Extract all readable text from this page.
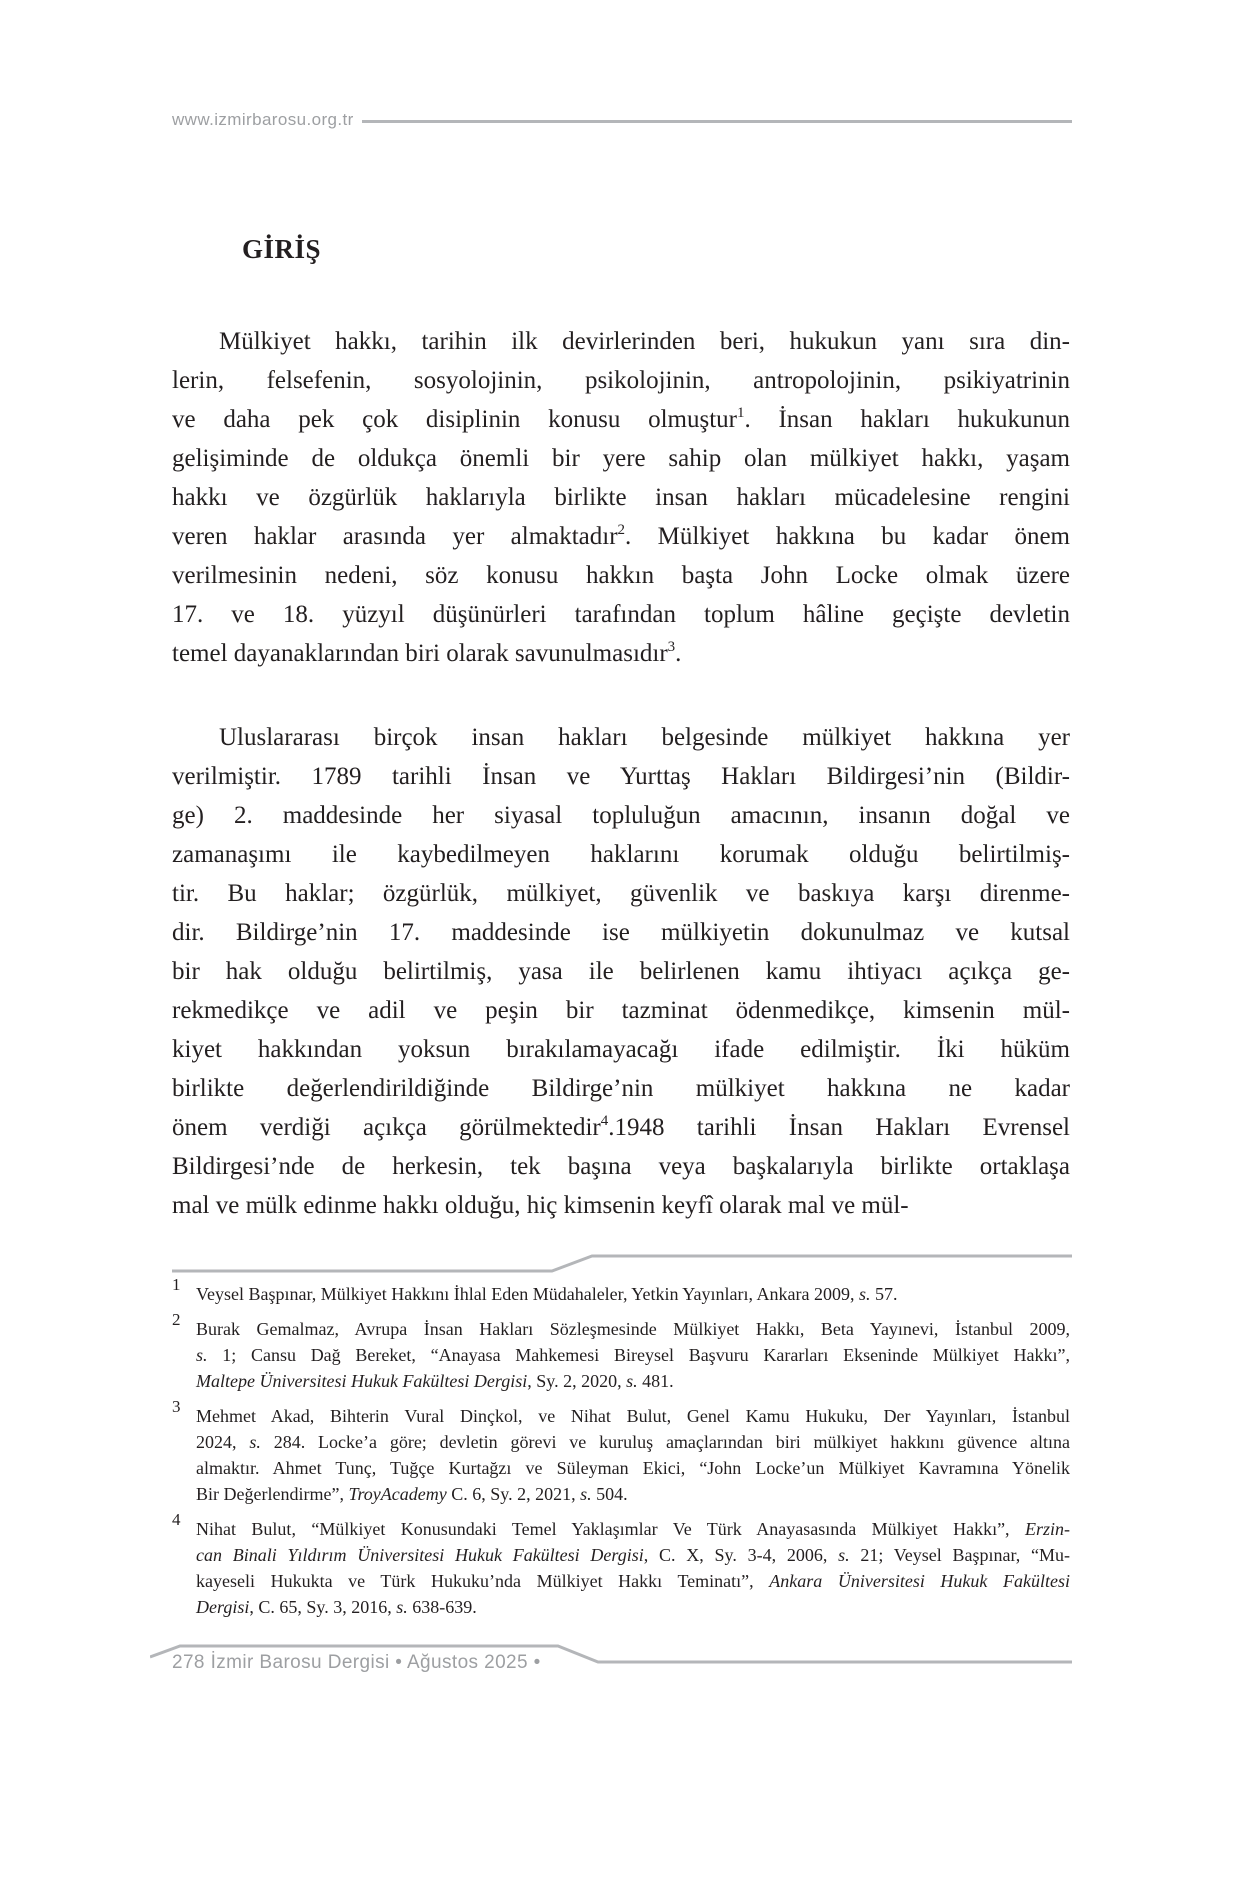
www.izmirbarosu.org.tr
GİRİŞ
Mülkiyet hakkı, tarihin ilk devirlerinden beri, hukukun yanı sıra din-
lerin, felsefenin, sosyolojinin, psikolojinin, antropolojinin, psikiyatrinin
ve daha pek çok disiplinin konusu olmuştur$^1$. İnsan hakları hukukunun
gelişiminde de oldukça önemli bir yere sahip olan mülkiyet hakkı, yaşam
hakkı ve özgürlük haklarıyla birlikte insan hakları mücadelesine rengini
veren haklar arasında yer almaktadır$^2$. Mülkiyet hakkına bu kadar önem
verilmesinin nedeni, söz konusu hakkın başta John Locke olmak üzere
17. ve 18. yüzyıl düşünürleri tarafından toplum hâline geçişte devletin
temel dayanaklarından biri olarak savunulmasıdır$^3$.
Uluslararası birçok insan hakları belgesinde mülkiyet hakkına yer
verilmiştir. 1789 tarihli İnsan ve Yurttaş Hakları Bildirgesi’nin (Bildir-
ge) 2. maddesinde her siyasal topluluğun amacının, insanın doğal ve
zamanaşımı ile kaybedilmeyen haklarını korumak olduğu belirtilmiş-
tir. Bu haklar; özgürlük, mülkiyet, güvenlik ve baskıya karşı direnme-
dir. Bildirge’nin 17. maddesinde ise mülkiyetin dokunulmaz ve kutsal
bir hak olduğu belirtilmiş, yasa ile belirlenen kamu ihtiyacı açıkça ge-
rekmedikçe ve adil ve peşin bir tazminat ödenmedikçe, kimsenin mül-
kiyet hakkından yoksun bırakılamayacağı ifade edilmiştir. İki hüküm
birlikte değerlendirildiğinde Bildirge’nin mülkiyet hakkına ne kadar
önem verdiği açıkça görülmektedir$^4$.1948 tarihli İnsan Hakları Evrensel
Bildirgesi’nde de herkesin, tek başına veya başkalarıyla birlikte ortaklaşa
mal ve mülk edinme hakkı olduğu, hiç kimsenin keyfî olarak mal ve mül-
1 Veysel Başpınar, Mülkiyet Hakkını İhlal Eden Müdahaleler, Yetkin Yayınları, Ankara 2009, s. 57.
2 Burak Gemalmaz, Avrupa İnsan Hakları Sözleşmesinde Mülkiyet Hakkı, Beta Yayınevi, İstanbul 2009,
s. 1; Cansu Dağ Bereket, “Anayasa Mahkemesi Bireysel Başvuru Kararları Ekseninde Mülkiyet Hakkı”,
Maltepe Üniversitesi Hukuk Fakültesi Dergisi, Sy. 2, 2020, s. 481.
3 Mehmet Akad, Bihterin Vural Dinçkol, ve Nihat Bulut, Genel Kamu Hukuku, Der Yayınları, İstanbul
2024, s. 284. Locke’a göre; devletin görevi ve kuruluş amaçlarından biri mülkiyet hakkını güvence altına
almaktır. Ahmet Tunç, Tuğçe Kurtağzı ve Süleyman Ekici, “John Locke’un Mülkiyet Kavramına Yönelik
Bir Değerlendirme”, TroyAcademy C. 6, Sy. 2, 2021, s. 504.
4 Nihat Bulut, “Mülkiyet Konusundaki Temel Yaklaşımlar Ve Türk Anayasasında Mülkiyet Hakkı”, Erzin-
can Binali Yıldırım Üniversitesi Hukuk Fakültesi Dergisi, C. X, Sy. 3-4, 2006, s. 21; Veysel Başpınar, “Mu-
kayeseli Hukukta ve Türk Hukuku’nda Mülkiyet Hakkı Teminatı”, Ankara Üniversitesi Hukuk Fakültesi
Dergisi, C. 65, Sy. 3, 2016, s. 638-639.
278 İzmir Barosu Dergisi • Ağustos 2025 •
